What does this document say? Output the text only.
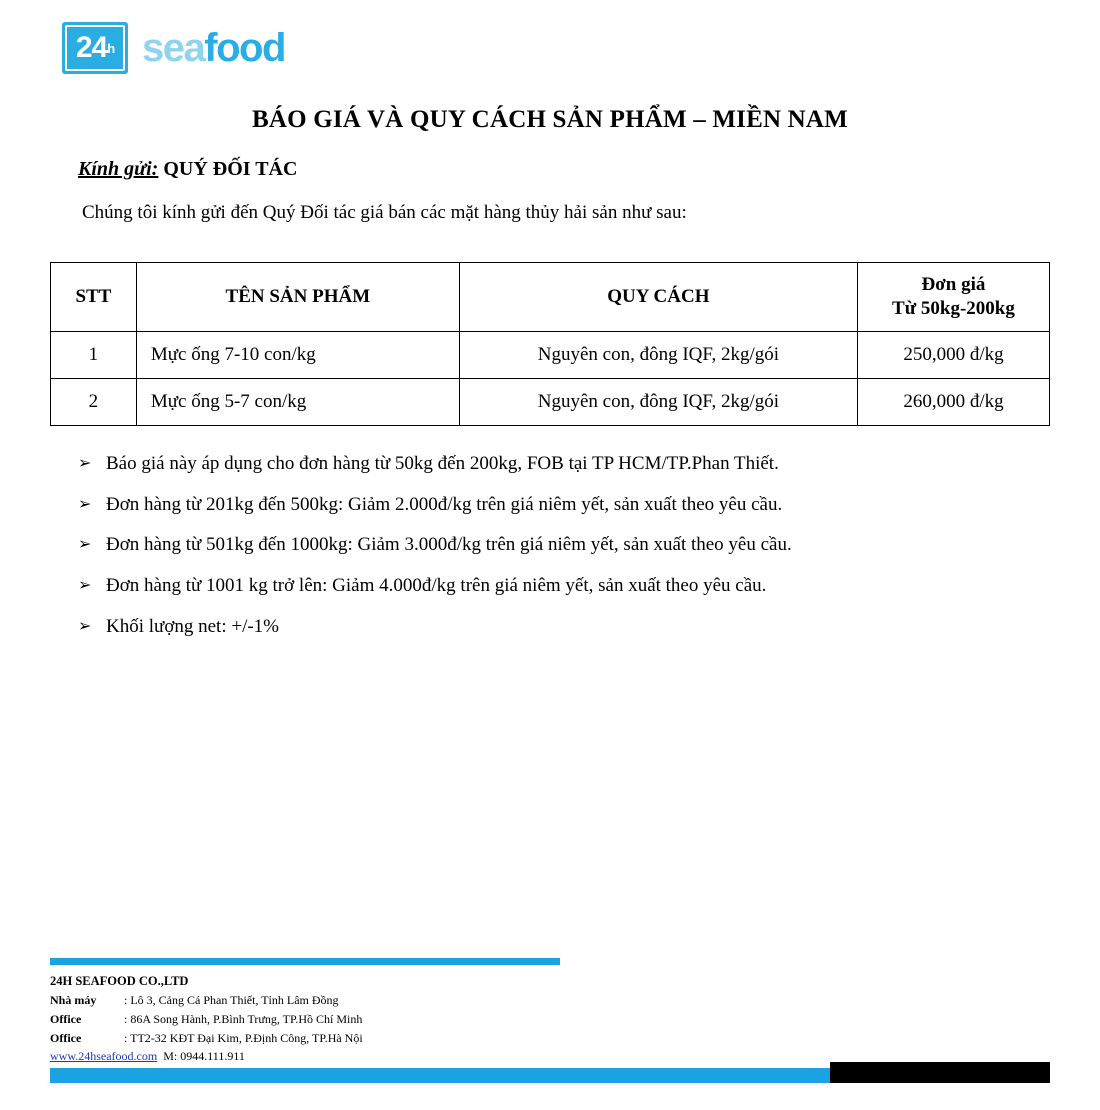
24 h seafood
BÁO GIÁ VÀ QUY CÁCH SẢN PHẨM – MIỀN NAM
Kính gửi: QUÝ ĐỐI TÁC
Chúng tôi kính gửi đến Quý Đối tác giá bán các mặt hàng thủy hải sản như sau:
STT	TÊN SẢN PHẨM	QUY CÁCH	Đơn giá
Từ 50kg-200kg

1	Mực ống 7-10 con/kg	Nguyên con, đông IQF, 2kg/gói	250,000 đ/kg
2	Mực ống 5-7 con/kg	Nguyên con, đông IQF, 2kg/gói	260,000 đ/kg
➢ Báo giá này áp dụng cho đơn hàng từ 50kg đến 200kg, FOB tại TP HCM/TP.Phan Thiết.
➢ Đơn hàng từ 201kg đến 500kg: Giảm 2.000đ/kg trên giá niêm yết, sản xuất theo yêu cầu.
➢ Đơn hàng từ 501kg đến 1000kg: Giảm 3.000đ/kg trên giá niêm yết, sản xuất theo yêu cầu.
➢ Đơn hàng từ 1001 kg trở lên: Giảm 4.000đ/kg trên giá niêm yết, sản xuất theo yêu cầu.
➢ Khối lượng net: +/-1%
24H SEAFOOD CO.,LTD
Nhà máy : Lô 3, Cảng Cá Phan Thiết, Tỉnh Lâm Đồng
Office	: 86A Song Hành, P.Bình Trưng, TP.Hồ Chí Minh
Office	: TT2-32 KĐT Đại Kim, P.Định Công, TP.Hà Nội
www.24hseafood.com M: 0944.111.911
